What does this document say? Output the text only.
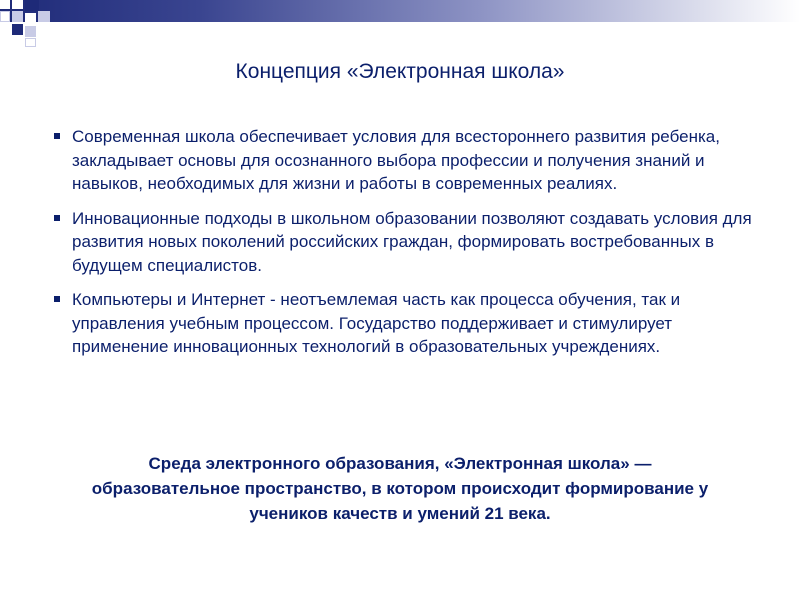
Концепция «Электронная школа»
Современная школа обеспечивает условия для всестороннего развития ребенка, закладывает основы для осознанного выбора профессии и получения знаний и навыков, необходимых для жизни и работы в современных реалиях.
Инновационные подходы в школьном образовании позволяют создавать условия для развития новых поколений российских граждан, формировать востребованных в будущем специалистов.
Компьютеры и Интернет - неотъемлемая часть как процесса обучения, так и управления учебным процессом. Государство поддерживает и стимулирует применение инновационных технологий в образовательных учреждениях.

Среда электронного образования, «Электронная школа» — образовательное пространство, в котором происходит формирование у учеников качеств и умений 21 века.
